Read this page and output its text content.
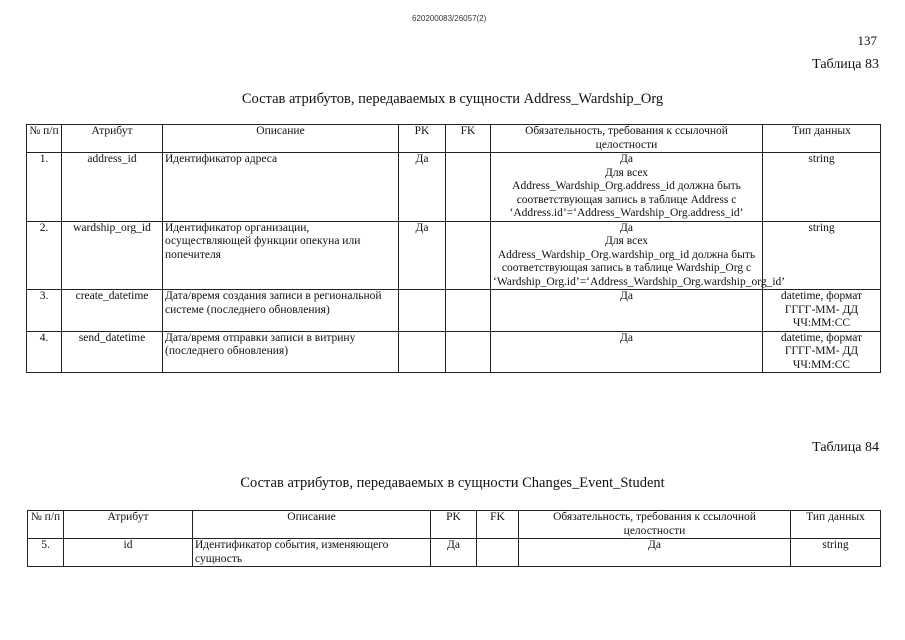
620200083/26057(2)
137
Таблица 83
Состав атрибутов, передаваемых в сущности Address_Wardship_Org
№ п/п	Атрибут	Описание	PK	FK	Обязательность, требования к ссылочной целостности	Тип данных
1.	address_id	Идентификатор адреса	Да		Да
Для всех
Address_Wardship_Org.address_id должна быть соответствующая запись в таблице Address с ‘Address.id’=‘Address_Wardship_Org.address_id’	string
2.	wardship_org_id	Идентификатор организации, осуществляющей функции опекуна или попечителя	Да		Да
Для всех
Address_Wardship_Org.wardship_org_id должна быть соответствующая запись в таблице Wardship_Org с ‘Wardship_Org.id’=‘Address_Wardship_Org.wardship_org_id’	string
3.	create_datetime	Дата/время создания записи в региональной системе (последнего обновления)			Да	datetime, формат ГГГГ-ММ- ДД ЧЧ:ММ:СС
4.	send_datetime	Дата/время отправки записи в витрину (последнего обновления)			Да	datetime, формат ГГГГ-ММ- ДД ЧЧ:ММ:СС
Таблица 84
Состав атрибутов, передаваемых в сущности Changes_Event_Student
№ п/п	Атрибут	Описание	PK	FK	Обязательность, требования к ссылочной целостности	Тип данных
5.	id	Идентификатор события, изменяющего сущность	Да		Да	string
